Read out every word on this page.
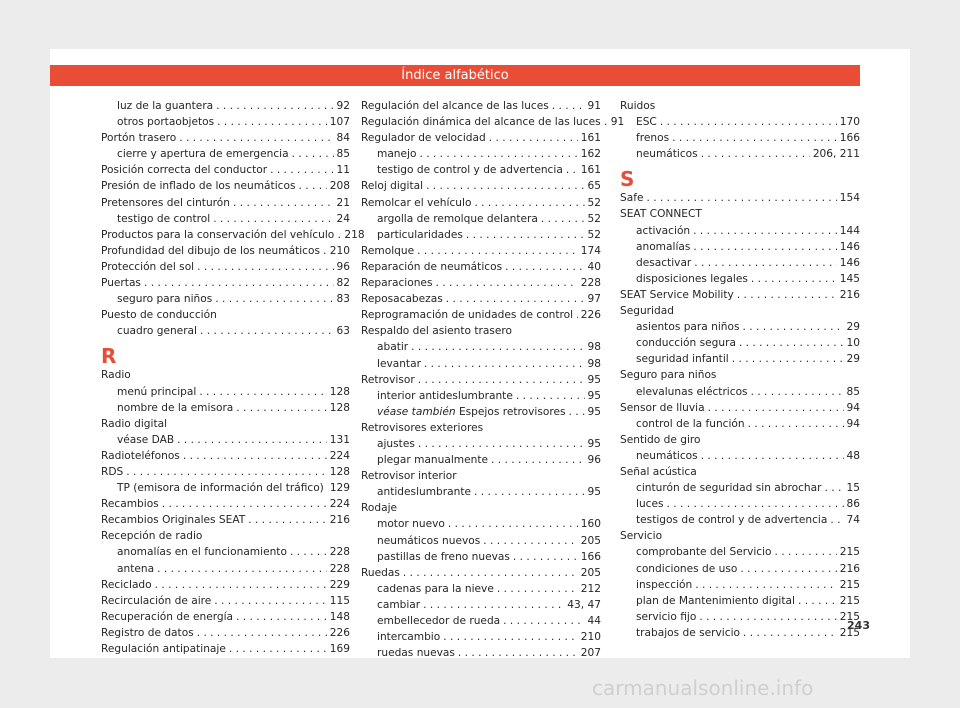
Índice alfabético
luz de la guantera . . .	92
otros portaobjetos . . .	107
Portón trasero . . .	84
cierre y apertura de emergencia . . .	85
Posición correcta del conductor . . .	11
Presión de inflado de los neumáticos . . .	208
Pretensores del cinturón . . .	21
testigo de control . . .	24
Productos para la conservación del vehículo . 218
Profundidad del dibujo de los neumáticos . . . 210
Protección del sol . . .	96
Puertas . . .	82
seguro para niños . . .	83
Puesto de conducción
cuadro general . . .	63
R
Radio
menú principal . . .	128
nombre de la emisora . . .	128
Radio digital
véase DAB . . .	131
Radioteléfonos . . .	224
RDS . . .	128
TP (emisora de información del tráfico) 129
Recambios . . .	224
Recambios Originales SEAT . . .	216
Recepción de radio
anomalías en el funcionamiento . . .	228
antena . . .	228
Reciclado . . .	229
Recirculación de aire . . .	115
Recuperación de energía . . .	148
Registro de datos . . .	226
Regulación antipatinaje . . .	169
Regulación del alcance de las luces . . .	91
Regulación dinámica del alcance de las luces . 91
Regulador de velocidad . . .	161
manejo . . .	162
testigo de control y de advertencia . . . 161
Reloj digital . . .	65
Remolcar el vehículo . . .	52
argolla de remolque delantera . . .	52
particularidades . . .	52
Remolque . . .	174
Reparación de neumáticos . . .	40
Reparaciones . . .	228
Reposacabezas . . .	97
Reprogramación de unidades de control . . . 226
Respaldo del asiento trasero
abatir . . .	98
levantar . . .	98
Retrovisor . . .	95
interior antideslumbrante . . .	95
véase también Espejos retrovisores . . . 95
Retrovisores exteriores
ajustes . . .	95
plegar manualmente . . .	96
Retrovisor interior
antideslumbrante . . .	95
Rodaje
motor nuevo . . .	160
neumáticos nuevos . . .	205
pastillas de freno nuevas . . .	166
Ruedas . . .	205
cadenas para la nieve . . .	212
cambiar . . .	43, 47
embellecedor de rueda . . .	44
intercambio . . .	210
ruedas nuevas . . .	207
Ruidos
ESC . . .	170
frenos . . .	166
neumáticos . . .	206, 211
S
Safe . . .	154
SEAT CONNECT
activación . . .	144
anomalías . . .	146
desactivar . . .	146
disposiciones legales . . .	145
SEAT Service Mobility . . .	216
Seguridad
asientos para niños . . .	29
conducción segura . . .	10
seguridad infantil . . .	29
Seguro para niños
elevalunas eléctricos . . .	85
Sensor de lluvia . . .	94
control de la función . . .	94
Sentido de giro
neumáticos . . .	48
Señal acústica
cinturón de seguridad sin abrochar . . . 15
luces . . .	86
testigos de control y de advertencia . . . 74
Servicio
comprobante del Servicio . . .	215
condiciones de uso . . .	216
inspección . . .	215
plan de Mantenimiento digital . . .	215
servicio fijo . . .	215
trabajos de servicio . . .	215
243
carmanualsonline.info
